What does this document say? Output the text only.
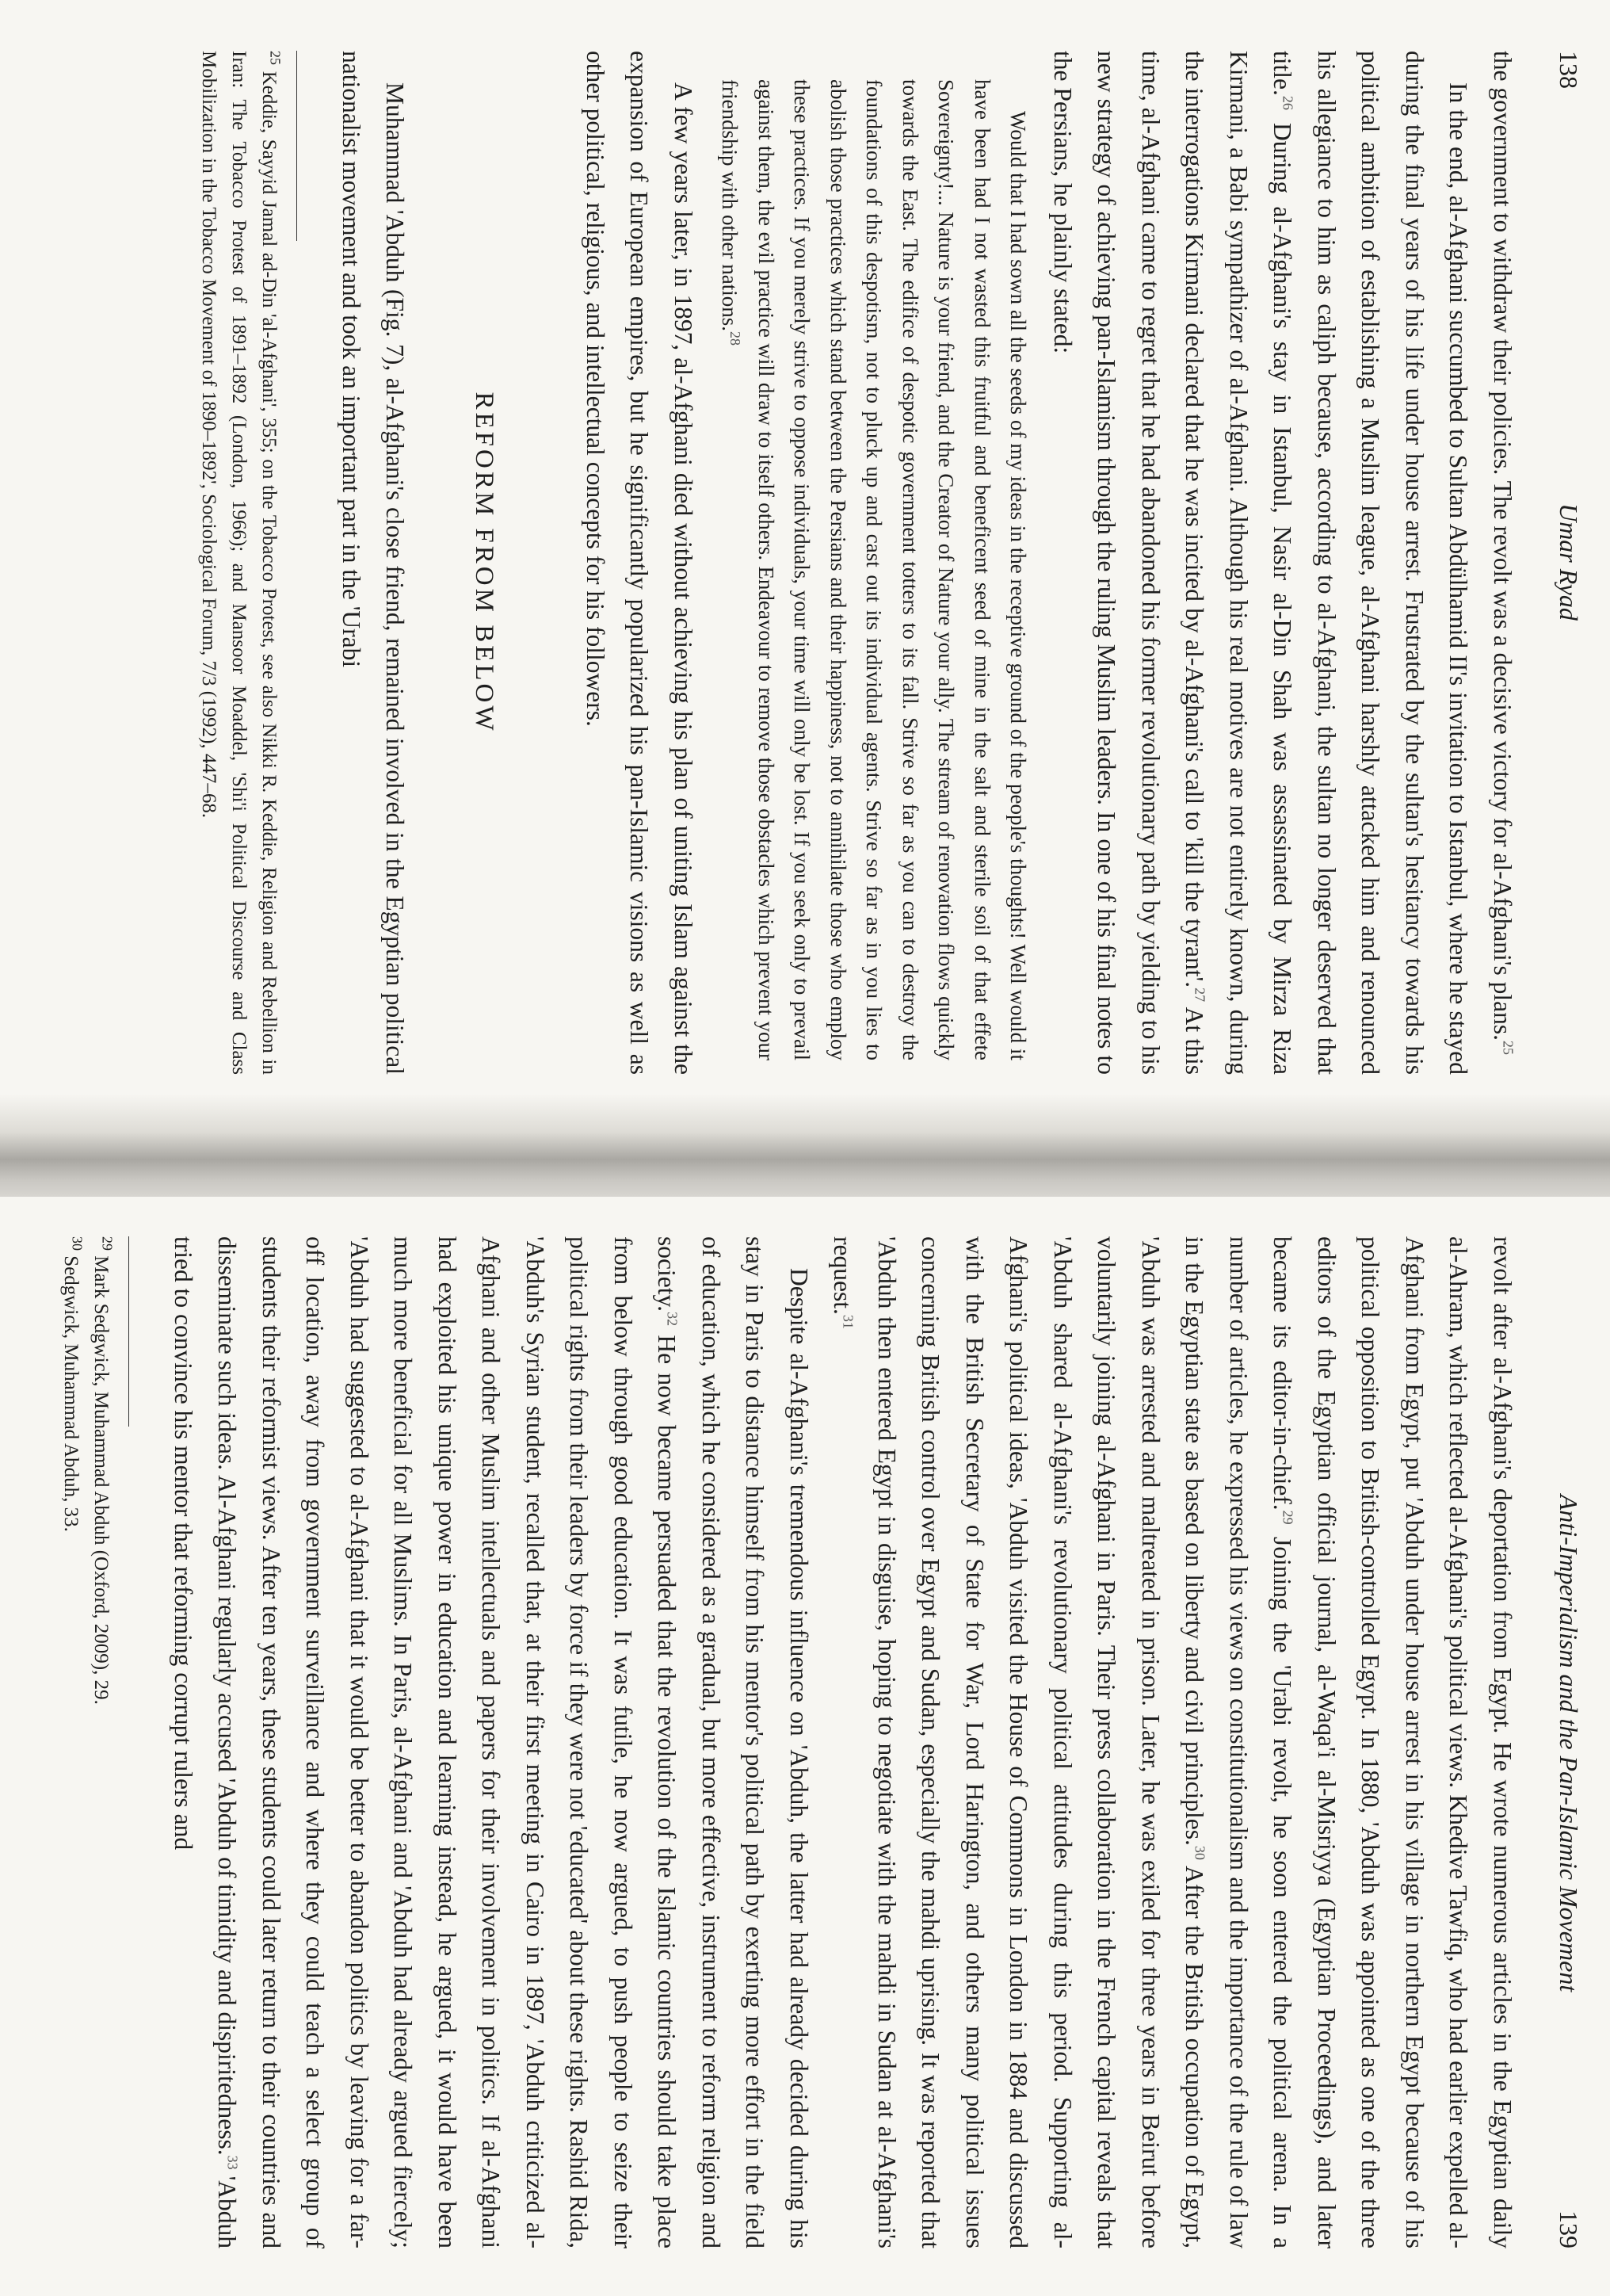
138
Umar Ryad

the government to withdraw their policies. The revolt was a decisive victory for al-Afghani's plans.$^{25}$

In the end, al-Afghani succumbed to Sultan Abdülhamid II's invitation to Istanbul, where he stayed during the final years of his life under house arrest. Frustrated by the sultan's hesitancy towards his political ambition of establishing a Muslim league, al-Afghani harshly attacked him and renounced his allegiance to him as caliph because, according to al-Afghani, the sultan no longer deserved that title.$^{26}$ During al-Afghani's stay in Istanbul, Nasir al-Din Shah was assassinated by Mirza Riza Kirmani, a Babi sympathizer of al-Afghani. Although his real motives are not entirely known, during the interrogations Kirmani declared that he was incited by al-Afghani's call to 'kill the tyrant'.$^{27}$ At this time, al-Afghani came to regret that he had abandoned his former revolutionary path by yielding to his new strategy of achieving pan-Islamism through the ruling Muslim leaders. In one of his final notes to the Persians, he plainly stated:

Would that I had sown all the seeds of my ideas in the receptive ground of the people's thoughts! Well would it have been had I not wasted this fruitful and beneficent seed of mine in the salt and sterile soil of that effete Sovereignty!... Nature is your friend, and the Creator of Nature your ally. The stream of renovation flows quickly towards the East. The edifice of despotic government totters to its fall. Strive so far as you can to destroy the foundations of this despotism, not to pluck up and cast out its individual agents. Strive so far as in you lies to abolish those practices which stand between the Persians and their happiness, not to annihilate those who employ these practices. If you merely strive to oppose individuals, your time will only be lost. If you seek only to prevail against them, the evil practice will draw to itself others. Endeavour to remove those obstacles which prevent your friendship with other nations.$^{28}$

A few years later, in 1897, al-Afghani died without achieving his plan of uniting Islam against the expansion of European empires, but he significantly popularized his pan-Islamic visions as well as other political, religious, and intellectual concepts for his followers.

REFORM FROM BELOW

Muhammad 'Abduh (Fig. 7), al-Afghani's close friend, remained involved in the Egyptian political nationalist movement and took an important part in the 'Urabi

$^{25}$ Keddie, Sayyid Jamal ad-Din 'al-Afghani', 355; on the Tobacco Protest, see also Nikki R. Keddie, Religion and Rebellion in Iran: The Tobacco Protest of 1891–1892 (London, 1966); and Mansoor Moaddel, 'Shi'i Political Discourse and Class Mobilization in the Tobacco Movement of 1890–1892', Sociological Forum, 7/3 (1992), 447–68.

Anti-Imperialism and the Pan-Islamic Movement
139

revolt after al-Afghani's deportation from Egypt. He wrote numerous articles in the Egyptian daily al-Ahram, which reflected al-Afghani's political views. Khedive Tawfiq, who had earlier expelled al-Afghani from Egypt, put 'Abduh under house arrest in his village in northern Egypt because of his political opposition to British-controlled Egypt. In 1880, 'Abduh was appointed as one of the three editors of the Egyptian official journal, al-Waqa'i al-Misriyya (Egyptian Proceedings), and later became its editor-in-chief.$^{29}$ Joining the 'Urabi revolt, he soon entered the political arena. In a number of articles, he expressed his views on constitutionalism and the importance of the rule of law in the Egyptian state as based on liberty and civil principles.$^{30}$ After the British occupation of Egypt, 'Abduh was arrested and maltreated in prison. Later, he was exiled for three years in Beirut before voluntarily joining al-Afghani in Paris. Their press collaboration in the French capital reveals that 'Abduh shared al-Afghani's revolutionary political attitudes during this period. Supporting al-Afghani's political ideas, 'Abduh visited the House of Commons in London in 1884 and discussed with the British Secretary of State for War, Lord Harington, and others many political issues concerning British control over Egypt and Sudan, especially the mahdi uprising. It was reported that 'Abduh then entered Egypt in disguise, hoping to negotiate with the mahdi in Sudan at al-Afghani's request.$^{31}$

Despite al-Afghani's tremendous influence on 'Abduh, the latter had already decided during his stay in Paris to distance himself from his mentor's political path by exerting more effort in the field of education, which he considered as a gradual, but more effective, instrument to reform religion and society.$^{32}$ He now became persuaded that the revolution of the Islamic countries should take place from below through good education. It was futile, he now argued, to push people to seize their political rights from their leaders by force if they were not 'educated' about these rights. Rashid Rida, 'Abduh's Syrian student, recalled that, at their first meeting in Cairo in 1897, 'Abduh criticized al-Afghani and other Muslim intellectuals and papers for their involvement in politics. If al-Afghani had exploited his unique power in education and learning instead, he argued, it would have been much more beneficial for all Muslims. In Paris, al-Afghani and 'Abduh had already argued fiercely; 'Abduh had suggested to al-Afghani that it would be better to abandon politics by leaving for a far-off location, away from government surveillance and where they could teach a select group of students their reformist views. After ten years, these students could later return to their countries and disseminate such ideas. Al-Afghani regularly accused 'Abduh of timidity and dispiritedness.$^{33}$ 'Abduh tried to convince his mentor that reforming corrupt rulers and

$^{29}$ Mark Sedgwick, Muhammad Abduh (Oxford, 2009), 29.

$^{30}$ Sedgwick, Muhammad Abduh, 33.
